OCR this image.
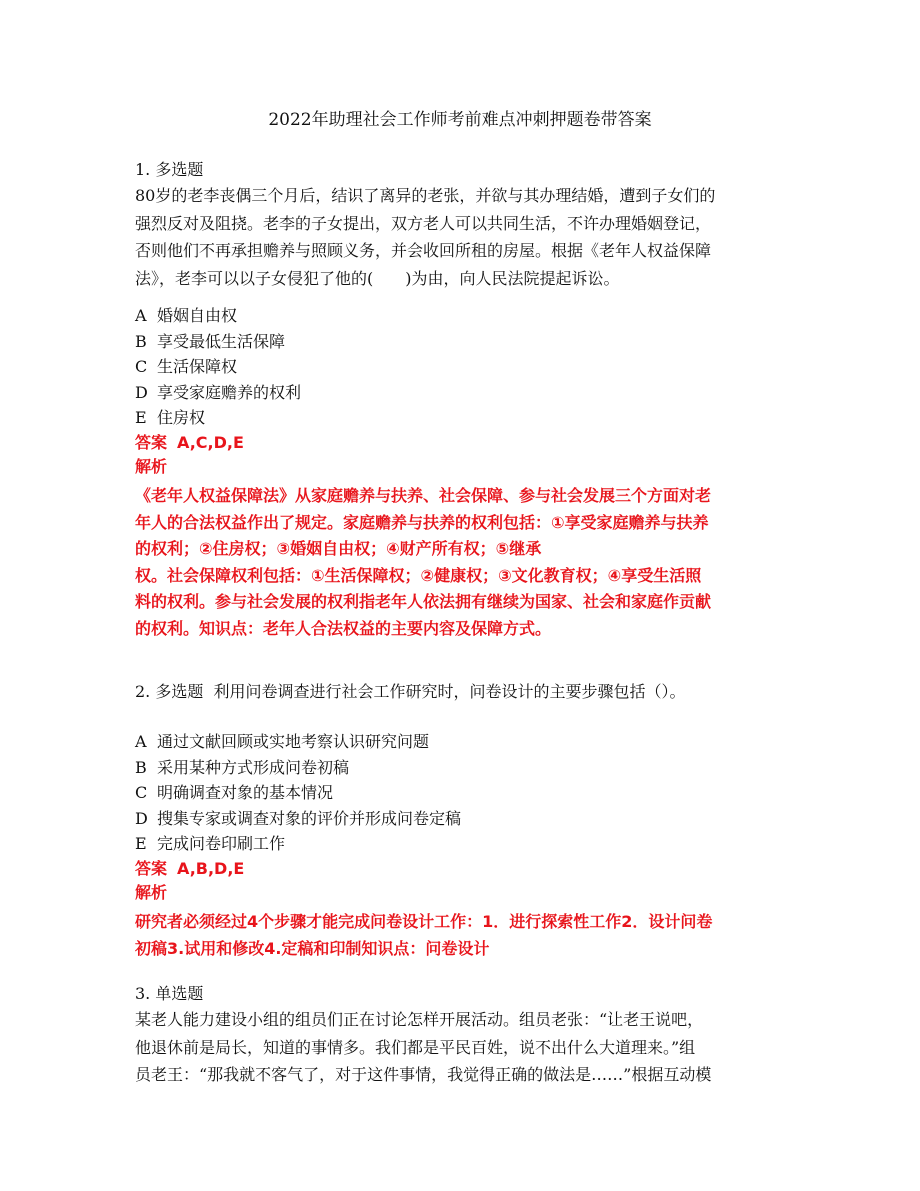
2022年助理社会工作师考前难点冲刺押题卷带答案
1. 多选题
80岁的老李丧偶三个月后，结识了离异的老张，并欲与其办理结婚，遭到子女们的
强烈反对及阻挠。老李的子女提出，双方老人可以共同生活，不许办理婚姻登记，
否则他们不再承担赡养与照顾义务，并会收回所租的房屋。根据《老年人权益保障
法》，老李可以以子女侵犯了他的(　　)为由，向人民法院提起诉讼。
A 婚姻自由权
B 享受最低生活保障
C 生活保障权
D 享受家庭赡养的权利
E 住房权
答案 A,C,D,E
解析
《老年人权益保障法》从家庭赡养与扶养、社会保障、参与社会发展三个方面对老
年人的合法权益作出了规定。家庭赡养与扶养的权利包括：①享受家庭赡养与扶养
的权利；②住房权；③婚姻自由权；④财产所有权；⑤继承
权。社会保障权利包括：①生活保障权；②健康权；③文化教育权；④享受生活照
料的权利。参与社会发展的权利指老年人依法拥有继续为国家、社会和家庭作贡献
的权利。知识点：老年人合法权益的主要内容及保障方式。
2. 多选题 利用问卷调查进行社会工作研究时，问卷设计的主要步骤包括（）。
A 通过文献回顾或实地考察认识研究问题
B 采用某种方式形成问卷初稿
C 明确调查对象的基本情况
D 搜集专家或调查对象的评价并形成问卷定稿
E 完成问卷印刷工作
答案 A,B,D,E
解析
研究者必须经过4个步骤才能完成问卷设计工作：1．进行探索性工作2．设计问卷
初稿3.试用和修改4.定稿和印制知识点：问卷设计
3. 单选题
某老人能力建设小组的组员们正在讨论怎样开展活动。组员老张：“让老王说吧，
他退休前是局长，知道的事情多。我们都是平民百姓，说不出什么大道理来。”组
员老王：“那我就不客气了，对于这件事情，我觉得正确的做法是……”根据互动模
